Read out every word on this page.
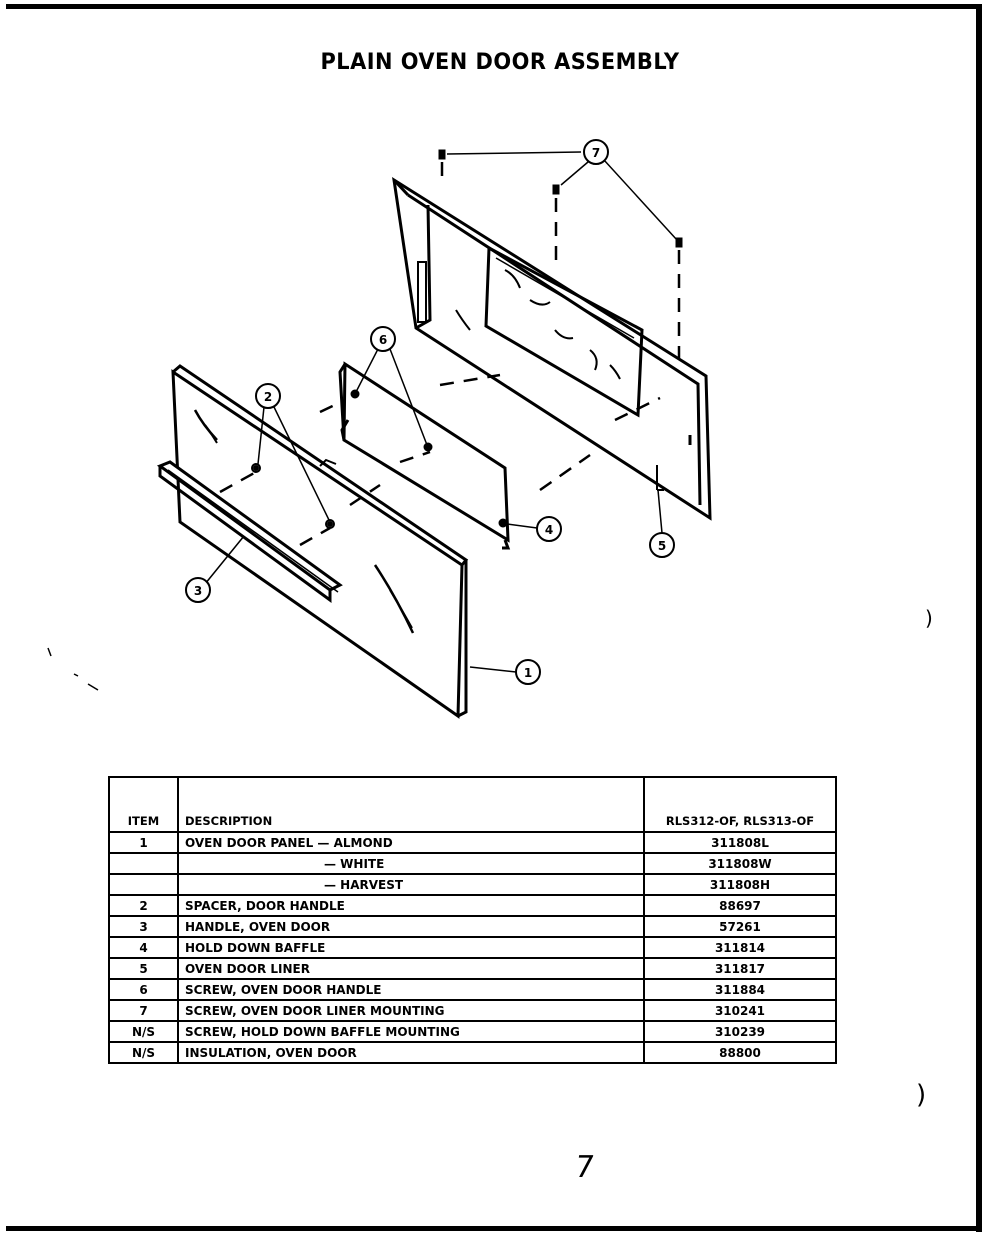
PLAIN OVEN DOOR ASSEMBLY
7
6
2
4
5
3
1
ITEM	DESCRIPTION	RLS312-OF, RLS313-OF
1	OVEN DOOR PANEL — ALMOND	311808L
	— WHITE	311808W
	— HARVEST	311808H
2	SPACER, DOOR HANDLE	88697
3	HANDLE, OVEN DOOR	57261
4	HOLD DOWN BAFFLE	311814
5	OVEN DOOR LINER	311817
6	SCREW, OVEN DOOR HANDLE	311884
7	SCREW, OVEN DOOR LINER MOUNTING	310241
N/S	SCREW, HOLD DOWN BAFFLE MOUNTING	310239
N/S	INSULATION, OVEN DOOR	88800
)
)
7
